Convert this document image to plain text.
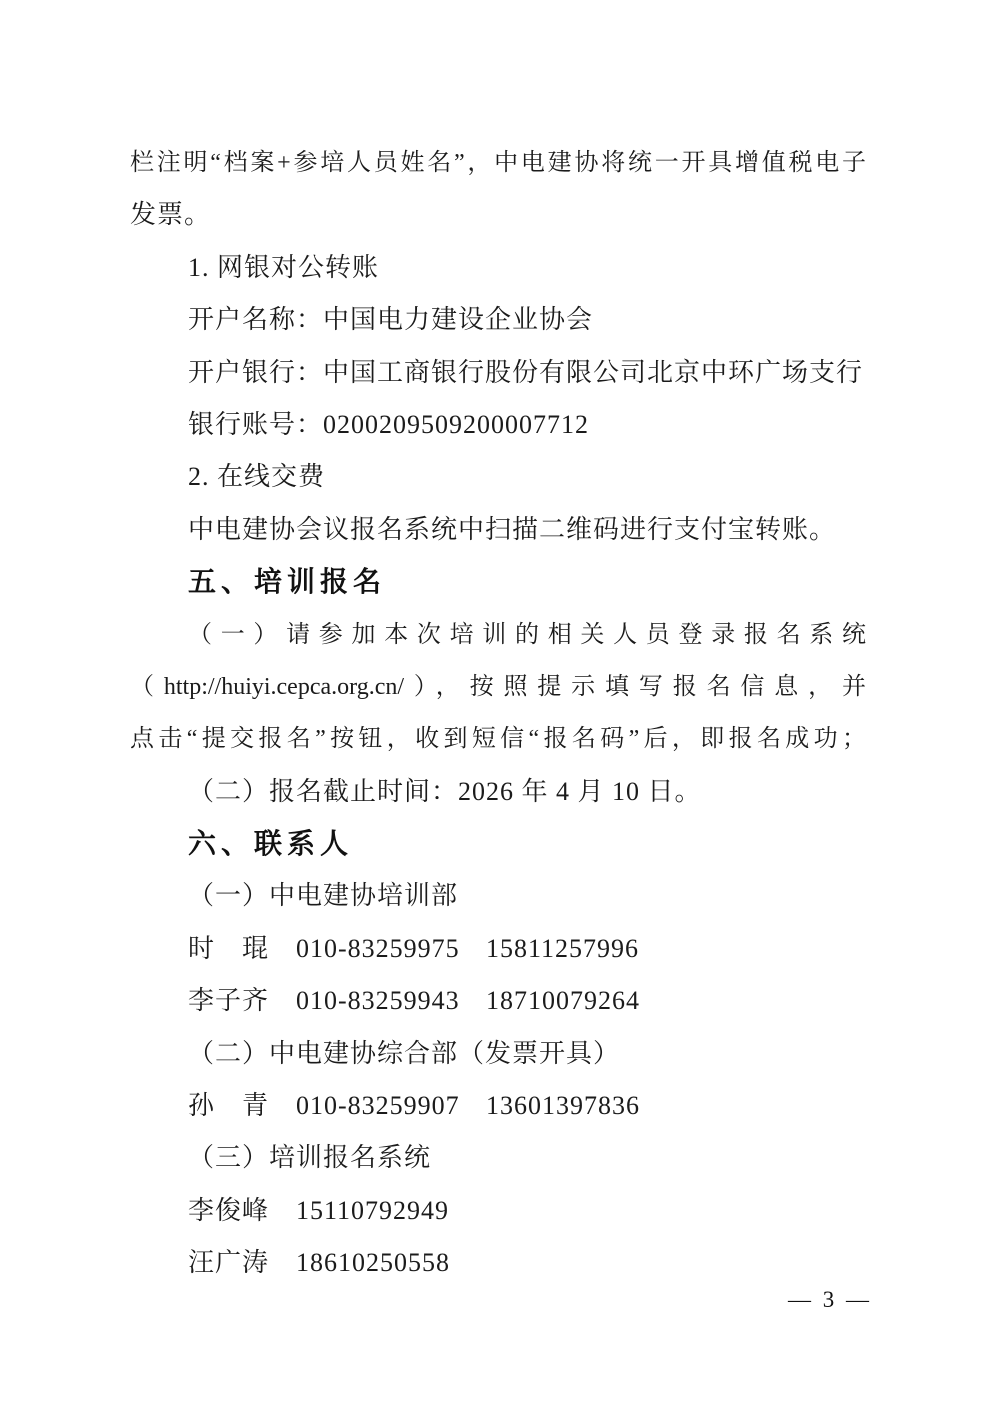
栏注明“档案+参培人员姓名”，中电建协将统一开具增值税电子
发票。
1. 网银对公转账
开户名称：中国电力建设企业协会
开户银行：中国工商银行股份有限公司北京中环广场支行
银行账号：0200209509200007712
2. 在线交费
中电建协会议报名系统中扫描二维码进行支付宝转账。
五、培训报名
（一）请参加本次培训的相关人员登录报名系统
（http://huiyi.cepca.org.cn/），按照提示填写报名信息，并
点击“提交报名”按钮，收到短信“报名码”后，即报名成功；
（二）报名截止时间：2026 年 4 月 10 日。
六、联系人
（一）中电建协培训部
时　琨	010-83259975	15811257996
李子齐	010-83259943	18710079264
（二）中电建协综合部（发票开具）
孙　青	010-83259907	13601397836
（三）培训报名系统
李俊峰	15110792949
汪广涛	18610250558
— 3 —
